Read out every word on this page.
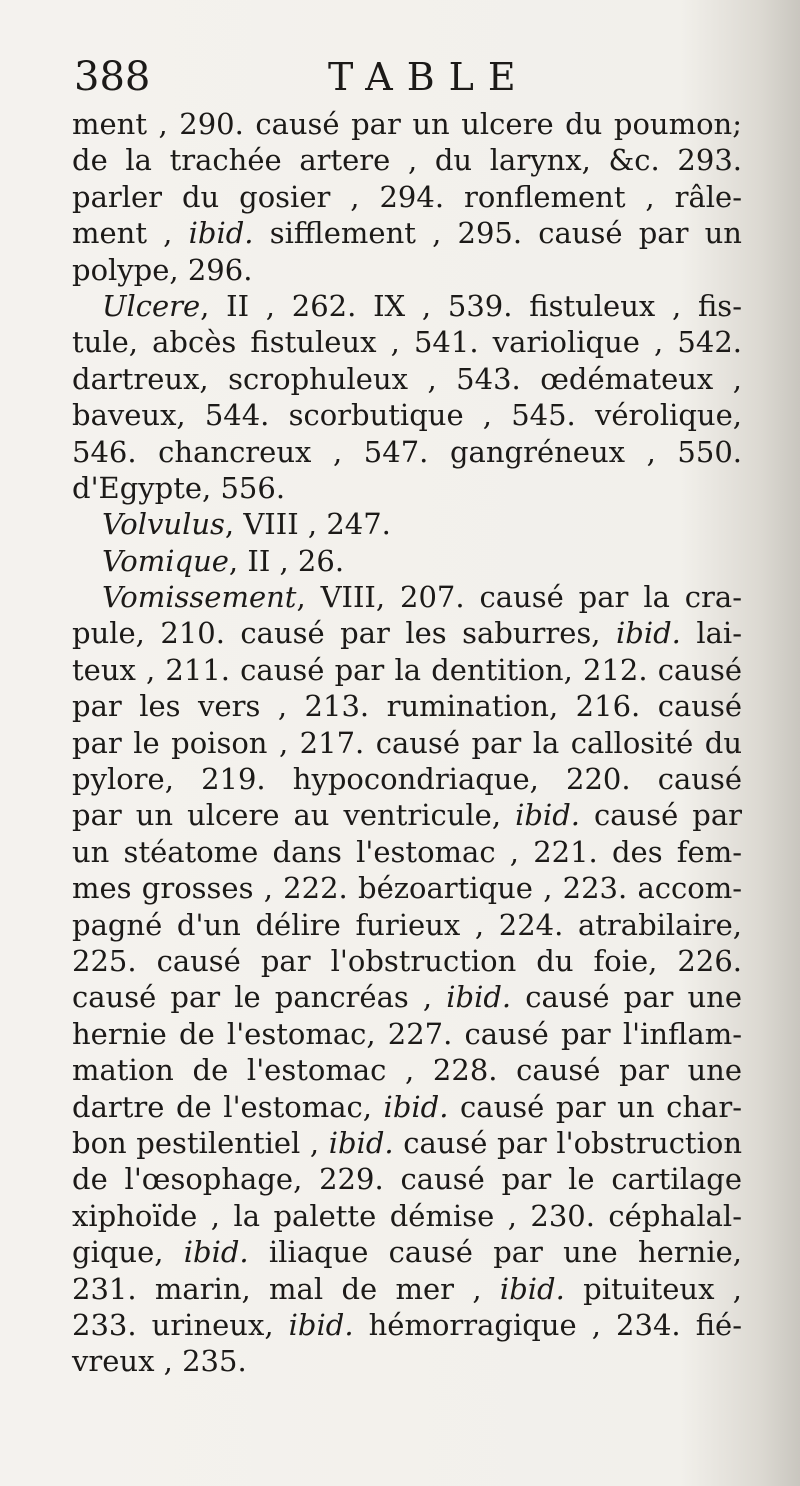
388	TABLE
ment , 290. causé par un ulcere du poumon;
de la trachée artere , du larynx, &c. 293.
parler du gosier , 294. ronflement , râle-
ment , ibid. sifflement , 295. causé par un
polype, 296.
Ulcere, II , 262. IX , 539. fistuleux , fis-
tule, abcès fistuleux , 541. variolique , 542.
dartreux, scrophuleux , 543. œdémateux ,
baveux, 544. scorbutique , 545. vérolique,
546. chancreux , 547. gangréneux , 550.
d'Egypte, 556.
Volvulus, VIII , 247.
Vomique, II , 26.
Vomissement, VIII, 207. causé par la cra-
pule, 210. causé par les saburres, ibid. lai-
teux , 211. causé par la dentition, 212. causé
par les vers , 213. rumination, 216. causé
par le poison , 217. causé par la callosité du
pylore, 219. hypocondriaque, 220. causé
par un ulcere au ventricule, ibid. causé par
un stéatome dans l'estomac , 221. des fem-
mes grosses , 222. bézoartique , 223. accom-
pagné d'un délire furieux , 224. atrabilaire,
225. causé par l'obstruction du foie, 226.
causé par le pancréas , ibid. causé par une
hernie de l'estomac, 227. causé par l'inflam-
mation de l'estomac , 228. causé par une
dartre de l'estomac, ibid. causé par un char-
bon pestilentiel , ibid. causé par l'obstruction
de l'œsophage, 229. causé par le cartilage
xiphoïde , la palette démise , 230. céphalal-
gique, ibid. iliaque causé par une hernie,
231. marin, mal de mer , ibid. pituiteux ,
233. urineux, ibid. hémorragique , 234. fié-
vreux , 235.
